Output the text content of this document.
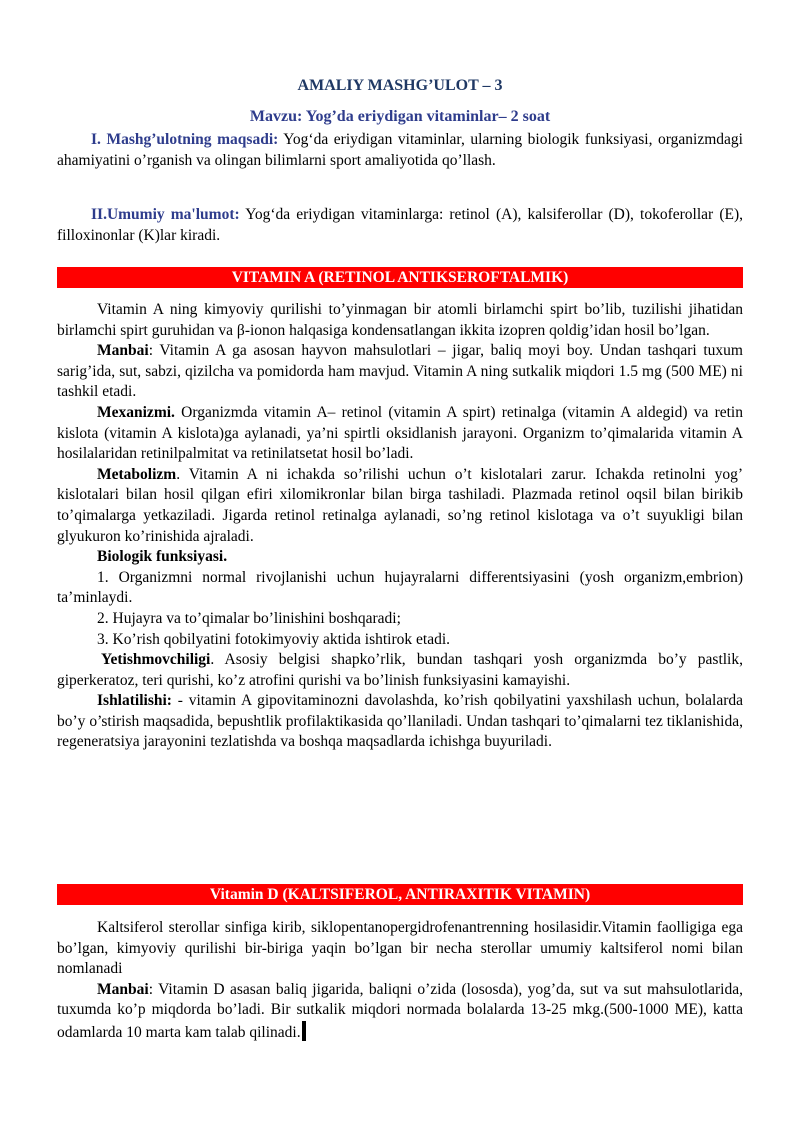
AMALIY MASHG’ULOT – 3
Mavzu: Yog’da eriydigan vitaminlar– 2 soat

I. Mashg’ulotning maqsadi: Yog‘da eriydigan vitaminlar, ularning biologik funksiyasi, organizmdagi ahamiyatini o’rganish va olingan bilimlarni sport amaliyotida qo’llash.

II.Umumiy ma'lumot: Yog‘da eriydigan vitaminlarga: retinol (A), kalsiferollar (D), tokoferollar (E), filloxinonlar (K)lar kiradi.

VITAMIN A (RETINOL ANTIKSEROFTALMIK)

Vitamin A ning kimyoviy qurilishi to’yinmagan bir atomli birlamchi spirt bo’lib, tuzilishi jihatidan birlamchi spirt guruhidan va β-ionon halqasiga kondensatlangan ikkita izopren qoldig’idan hosil bo’lgan.

Manbai: Vitamin A ga asosan hayvon mahsulotlari – jigar, baliq moyi boy. Undan tashqari tuxum sarig’ida, sut, sabzi, qizilcha va pomidorda ham mavjud. Vitamin A ning sutkalik miqdori 1.5 mg (500 ME) ni tashkil etadi.

Mexanizmi. Organizmda vitamin A– retinol (vitamin A spirt) retinalga (vitamin A aldegid) va retin kislota (vitamin A kislota)ga aylanadi, ya’ni spirtli oksidlanish jarayoni. Organizm to’qimalarida vitamin A hosilalaridan retinilpalmitat va retinilatsetat hosil bo’ladi.

Metabolizm. Vitamin A ni ichakda so’rilishi uchun o’t kislotalari zarur. Ichakda retinolni yog’ kislotalari bilan hosil qilgan efiri xilomikronlar bilan birga tashiladi. Plazmada retinol oqsil bilan birikib to’qimalarga yetkaziladi. Jigarda retinol retinalga aylanadi, so’ng retinol kislotaga va o’t suyukligi bilan glyukuron ko’rinishida ajraladi.

Biologik funksiyasi.

1. Organizmni normal rivojlanishi uchun hujayralarni differentsiyasini (yosh organizm,embrion) ta’minlaydi.

2. Hujayra va to’qimalar bo’linishini boshqaradi;

3. Ko’rish qobilyatini fotokimyoviy aktida ishtirok etadi.

Yetishmovchiligi. Asosiy belgisi shapko’rlik, bundan tashqari yosh organizmda bo’y pastlik, giperkeratoz, teri qurishi, ko’z atrofini qurishi va bo’linish funksiyasini kamayishi.

Ishlatilishi: - vitamin A gipovitaminozni davolashda, ko’rish qobilyatini yaxshilash uchun, bolalarda bo’y o’stirish maqsadida, bepushtlik profilaktikasida qo’llaniladi. Undan tashqari to’qimalarni tez tiklanishida, regeneratsiya jarayonini tezlatishda va boshqa maqsadlarda ichishga buyuriladi.

Vitamin D (KALTSIFEROL, ANTIRAXITIK VITAMIN)

Kaltsiferol sterollar sinfiga kirib, siklopentanopergidrofenantrenning hosilasidir.Vitamin faolligiga ega bo’lgan, kimyoviy qurilishi bir-biriga yaqin bo’lgan bir necha sterollar umumiy kaltsiferol nomi bilan nomlanadi

Manbai: Vitamin D asasan baliq jigarida, baliqni o’zida (lososda), yog’da, sut va sut mahsulotlarida, tuxumda ko’p miqdorda bo’ladi. Bir sutkalik miqdori normada bolalarda 13-25 mkg.(500-1000 ME), katta odamlarda 10 marta kam talab qilinadi.
